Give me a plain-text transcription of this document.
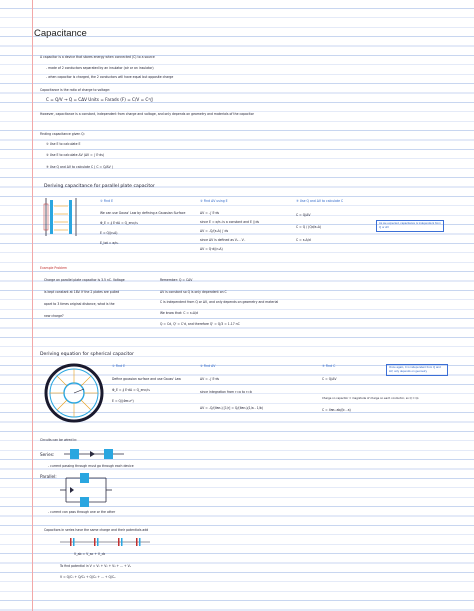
Capacitance
A capacitor is a device that stores energy when connected (C) to a source
- made of 2 conductors separated by an insulator (air or an insulator)
- when capacitor is charged, the 2 conductors will have equal but opposite charge
Capacitance is the ratio of charge to voltage:
C = Q/V → Q = CΔV Units = Farads (F) = C/V = C²/J
However, capacitance is a constant, independent from charge and voltage, and only depends on geometry and materials of the capacitor
Finding capacitance given Q:
① Use E to calculate E
② Use E to calculate ΔV (ΔV = ∫ E·ds)
③ Use Q and ΔV to calculate C ( C = Q/ΔV )
Deriving capacitance for parallel plate capacitor
① Find E
We can use Gauss' Law by defining a Gaussian Surface
Φ_E = ∮ E·dA = Q_enc/ε₀
E = Q/(ε₀A)
E_tot = σ/ε₀
② Find ΔV using E
ΔV = -∫ E·ds
since E = σ/ε₀ is a constant and E ∥ ds
ΔV = -Q/(ε₀A) ∫ ds
since ΔV is defined as V₊ - V₋
ΔV = Q·d/(ε₀A)
③ Use Q and ΔV to calculate C
C = Q/ΔV
C = Q / (Qd/ε₀A)
C = ε₀A/d
As we expected, capacitance is independent from Q or ΔV
Example Problem
Charge on parallel plate capacitor is 3.5 nC. Voltage
is kept constant at 18V. If the 2 plates are pulled
apart to 3 times original distance, what is the
new charge?
Remember: Q = CΔV
ΔV is constant so Q is only dependent on C
C is independent from Q or ΔV, and only depends on geometry and material
We know that: C = ε₀A/d
Q = Cd, Q' = C'd, and therefore Q' = Q/3 = 1.17 nC
Deriving equation for spherical capacitor
① Find E
Define gaussian surface and use Gauss' Law
Φ_E = ∮ E·dA = Q_enc/ε₀
E = Q/(4πε₀r²)
② Find ΔV
ΔV = -∫ E·ds
since integration from r=a to r=b
ΔV = -Q/(4πε₀) [1/r] = Q/(4πε₀)(1/a - 1/b)
③ Find C
C = Q/ΔV
Charge on capacitor = magnitude of charge on each conductor, so Q = Q₀
C = 4πε₀ ab/(b - a)
Once again, C is independent from Q and ΔV, only depends on geometry
Circuits can be wired in:
Series:
- current passing through must go through each device
Parallel:
- current can pass through one or the other
Capacitors in series have the same charge and their potentials add
V_ab = V_ac + V_cb
To find potential in V = V₁ + V₂ + V₃ + ... + Vₙ
V = Q/C₁ + Q/C₂ + Q/C₃ + ... + Q/Cₙ
